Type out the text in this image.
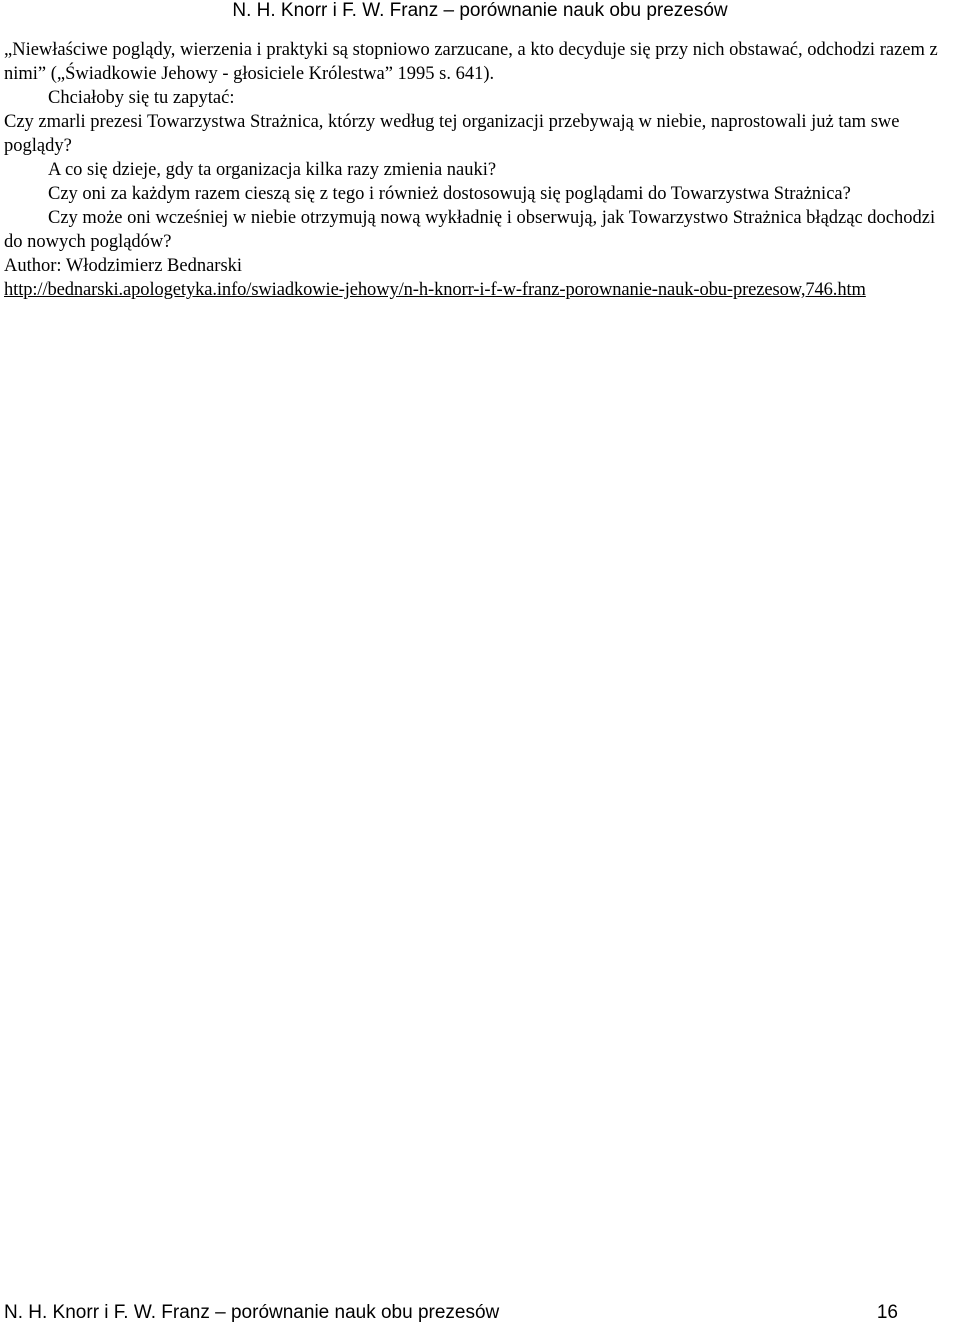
N. H. Knorr i F. W. Franz – porównanie nauk obu prezesów

„Niewłaściwe poglądy, wierzenia i praktyki są stopniowo zarzucane, a kto decyduje się przy nich obstawać, odchodzi razem z nimi” („Świadkowie Jehowy - głosiciele Królestwa” 1995 s. 641).

Chciałoby się tu zapytać:

Czy zmarli prezesi Towarzystwa Strażnica, którzy według tej organizacji przebywają w niebie, naprostowali już tam swe poglądy?

A co się dzieje, gdy ta organizacja kilka razy zmienia nauki?

Czy oni za każdym razem cieszą się z tego i również dostosowują się poglądami do Towarzystwa Strażnica?

Czy może oni wcześniej w niebie otrzymują nową wykładnię i obserwują, jak Towarzystwo Strażnica błądząc dochodzi do nowych poglądów?

Author: Włodzimierz Bednarski

http://bednarski.apologetyka.info/swiadkowie-jehowy/n-h-knorr-i-f-w-franz-porownanie-nauk-obu-prezesow,746.htm

N. H. Knorr i F. W. Franz – porównanie nauk obu prezesów	16
